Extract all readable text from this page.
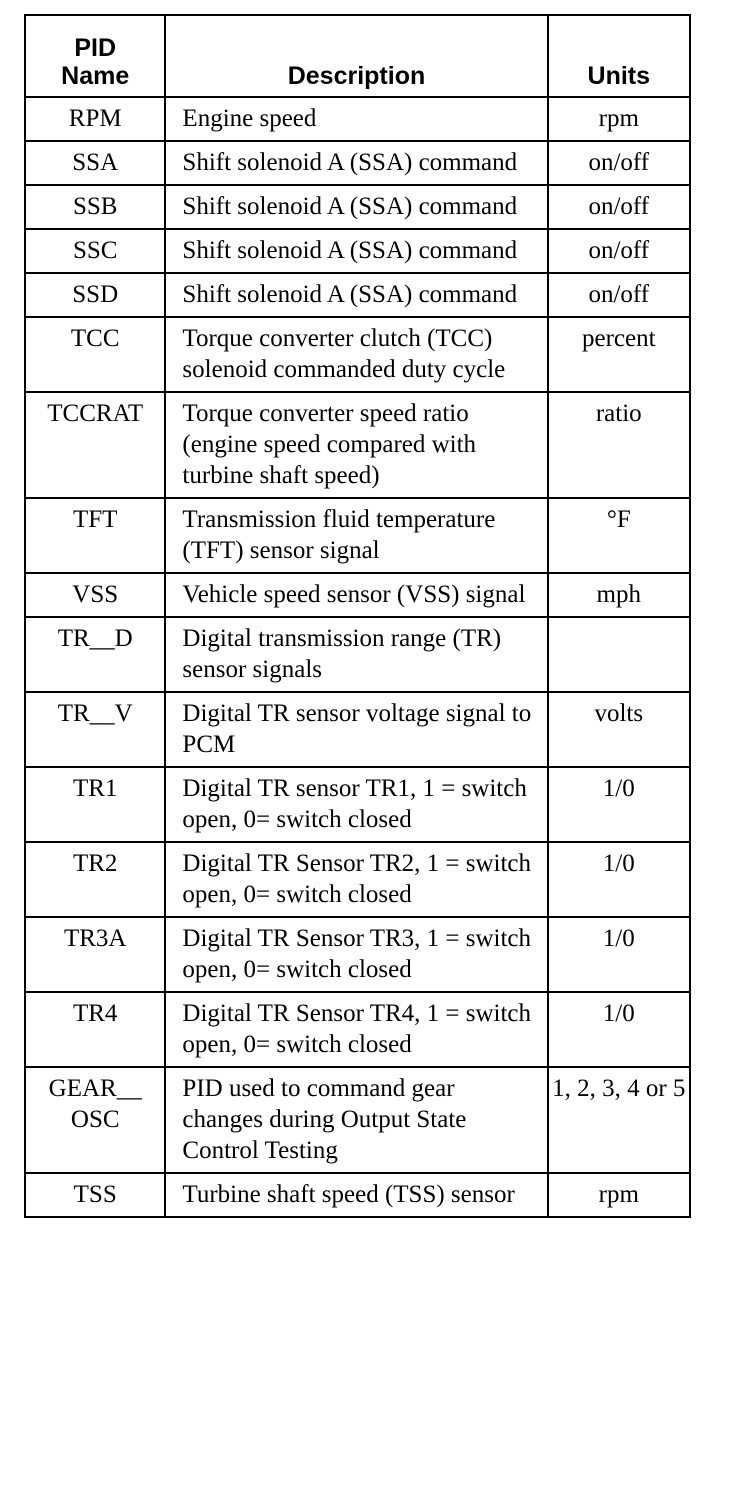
PID
Name	Description	Units
RPM	Engine speed	rpm
SSA	Shift solenoid A (SSA) command	on/off
SSB	Shift solenoid A (SSA) command	on/off
SSC	Shift solenoid A (SSA) command	on/off
SSD	Shift solenoid A (SSA) command	on/off
TCC	Torque converter clutch (TCC) solenoid commanded duty cycle	percent
TCCRAT	Torque converter speed ratio (engine speed compared with turbine shaft speed)	ratio
TFT	Transmission fluid temperature (TFT) sensor signal	°F
VSS	Vehicle speed sensor (VSS) signal	mph
TR__D	Digital transmission range (TR) sensor signals	
TR__V	Digital TR sensor voltage signal to PCM	volts
TR1	Digital TR sensor TR1, 1 = switch open, 0= switch closed	1/0
TR2	Digital TR Sensor TR2, 1 = switch open, 0= switch closed	1/0
TR3A	Digital TR Sensor TR3, 1 = switch open, 0= switch closed	1/0
TR4	Digital TR Sensor TR4, 1 = switch open, 0= switch closed	1/0
GEAR__ OSC	PID used to command gear changes during Output State Control Testing	1, 2, 3, 4 or 5
TSS	Turbine shaft speed (TSS) sensor	rpm
